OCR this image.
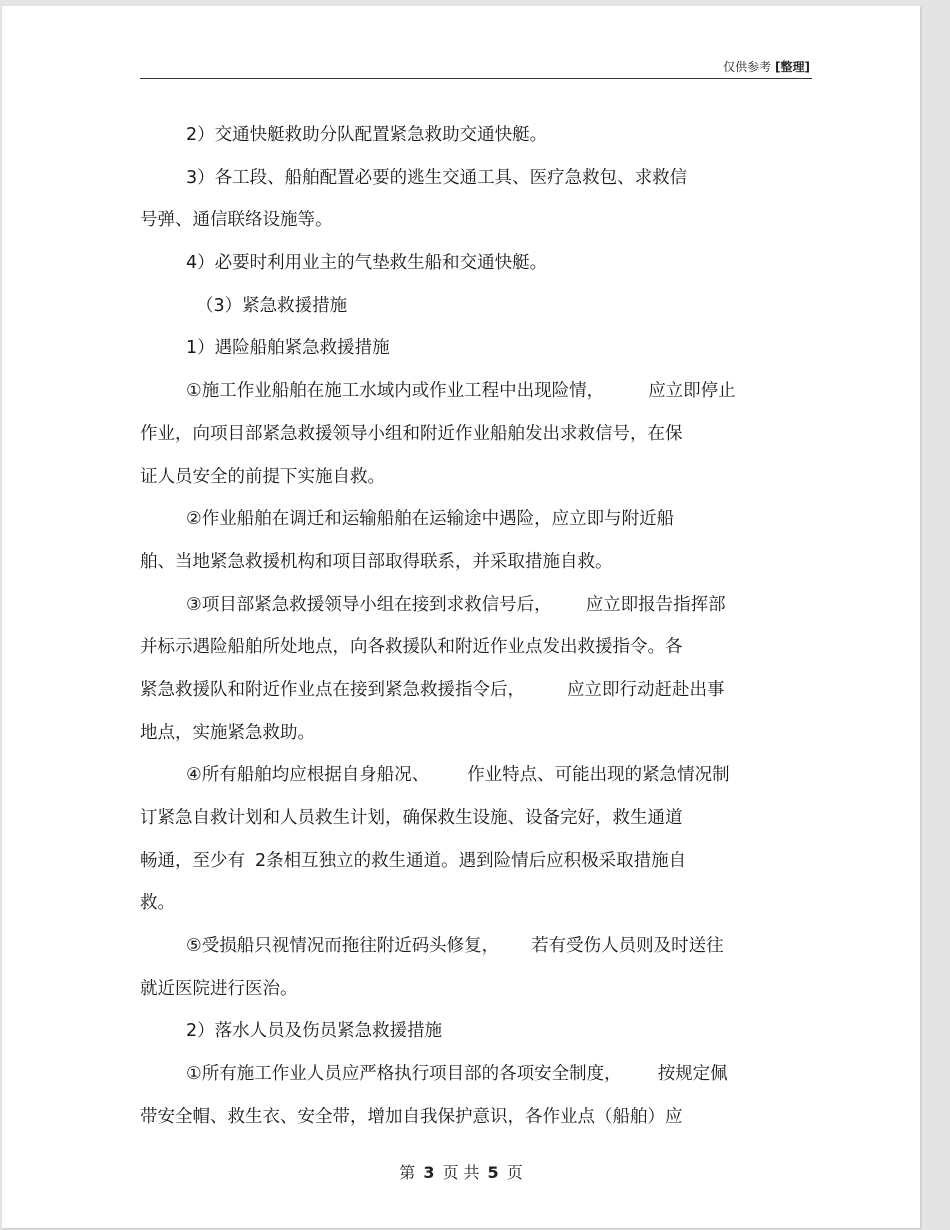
仅供参考 [整理]
2）交通快艇救助分队配置紧急救助交通快艇。
3）各工段、船舶配置必要的逃生交通工具、医疗急救包、求救信
号弹、通信联络设施等。
4）必要时利用业主的气垫救生船和交通快艇。
（3）紧急救援措施
1）遇险船舶紧急救援措施
①施工作业船舶在施工水域内或作业工程中出现险情，	应立即停止
作业，向项目部紧急救援领导小组和附近作业船舶发出求救信号，在保
证人员安全的前提下实施自救。
②作业船舶在调迁和运输船舶在运输途中遇险，应立即与附近船
舶、当地紧急救援机构和项目部取得联系，并采取措施自救。
③项目部紧急救援领导小组在接到求救信号后， 应立即报告指挥部
并标示遇险船舶所处地点，向各救援队和附近作业点发出救援指令。各
紧急救援队和附近作业点在接到紧急救援指令后， 应立即行动赶赴出事
地点，实施紧急救助。
④所有船舶均应根据自身船况、 作业特点、可能出现的紧急情况制
订紧急自救计划和人员救生计划，确保救生设施、设备完好，救生通道
畅通，至少有 2条相互独立的救生通道。遇到险情后应积极采取措施自
救。
⑤受损船只视情况而拖往附近码头修复， 若有受伤人员则及时送往
就近医院进行医治。
2）落水人员及伤员紧急救援措施
①所有施工作业人员应严格执行项目部的各项安全制度， 按规定佩
带安全帽、救生衣、安全带，增加自我保护意识，各作业点（船舶）应
第 3 页 共 5 页
